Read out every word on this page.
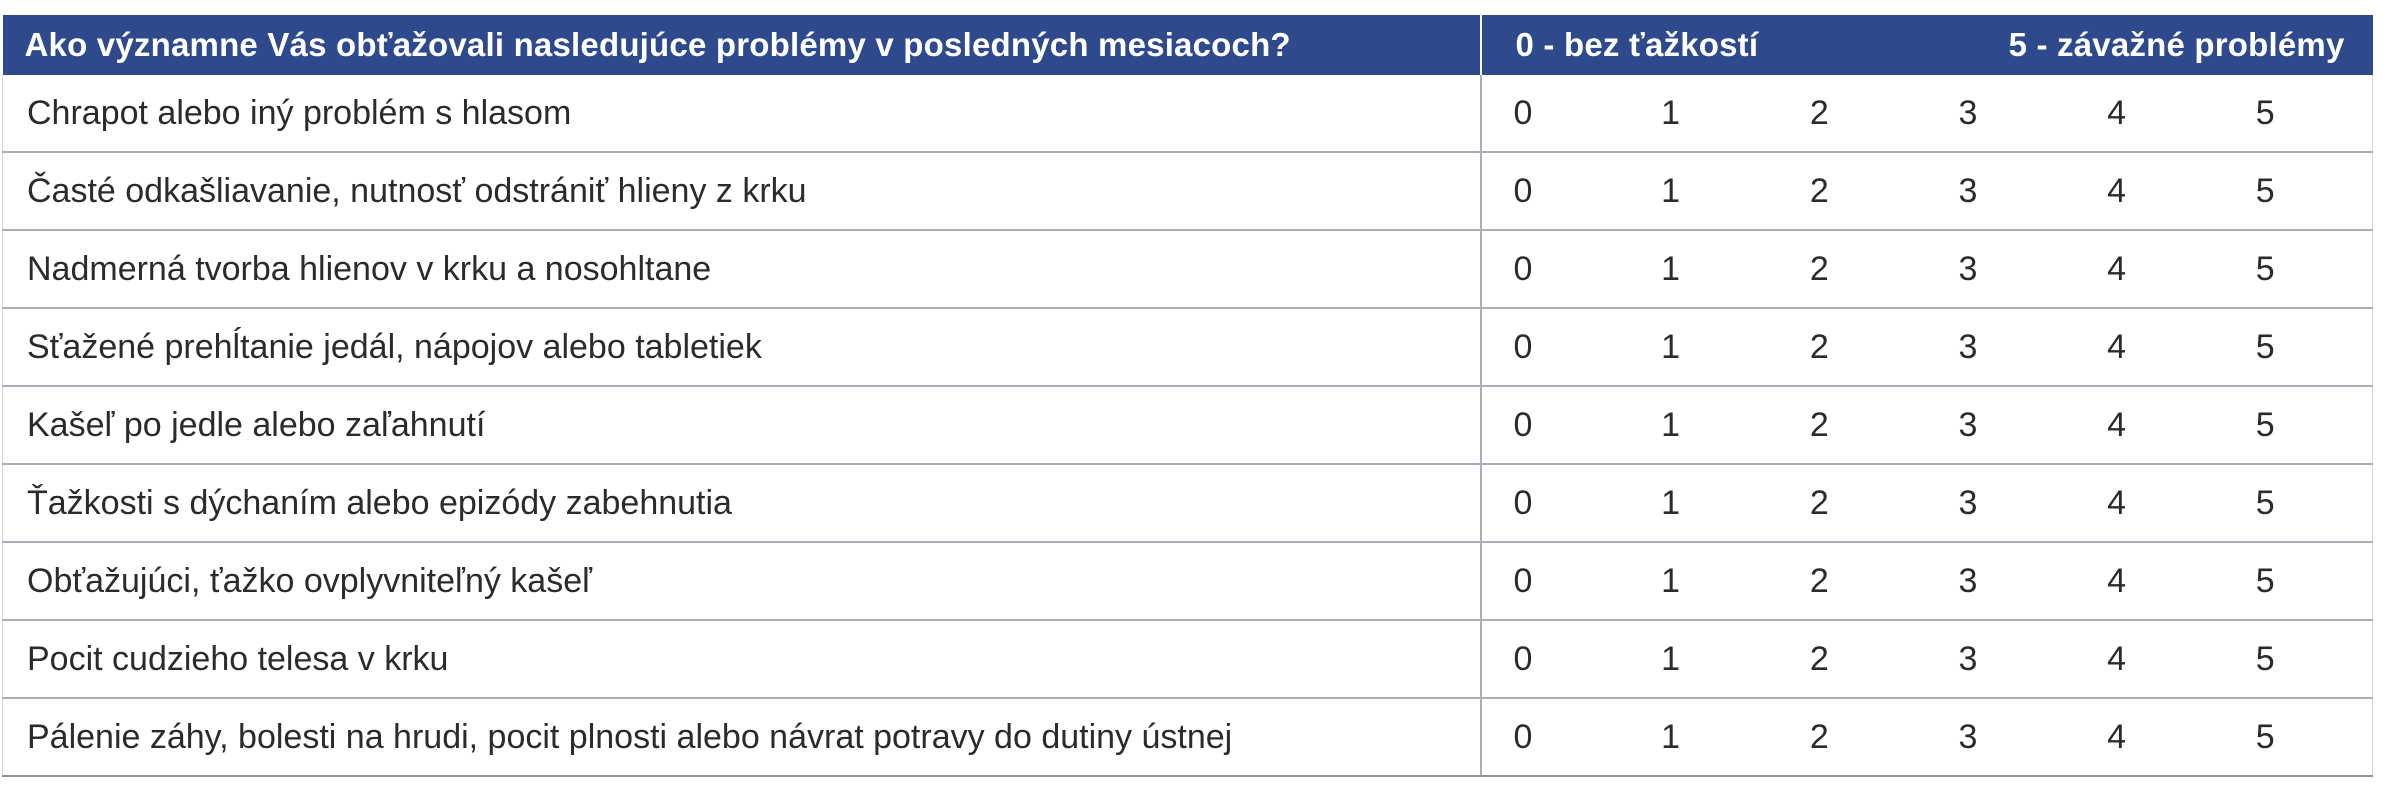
Ako významne Vás obťažovali nasledujúce problémy v posledných mesiacoch?	0 - bez ťažkostí 5 - závažné problémy					

Chrapot alebo iný problém s hlasom	0	1	2	3	4	5
Časté odkašliavanie, nutnosť odstrániť hlieny z krku	0	1	2	3	4	5
Nadmerná tvorba hlienov v krku a nosohltane	0	1	2	3	4	5
Sťažené prehĺtanie jedál, nápojov alebo tabletiek	0	1	2	3	4	5
Kašeľ po jedle alebo zaľahnutí	0	1	2	3	4	5
Ťažkosti s dýchaním alebo epizódy zabehnutia	0	1	2	3	4	5
Obťažujúci, ťažko ovplyvniteľný kašeľ	0	1	2	3	4	5
Pocit cudzieho telesa v krku	0	1	2	3	4	5
Pálenie záhy, bolesti na hrudi, pocit plnosti alebo návrat potravy do dutiny ústnej	0	1	2	3	4	5
